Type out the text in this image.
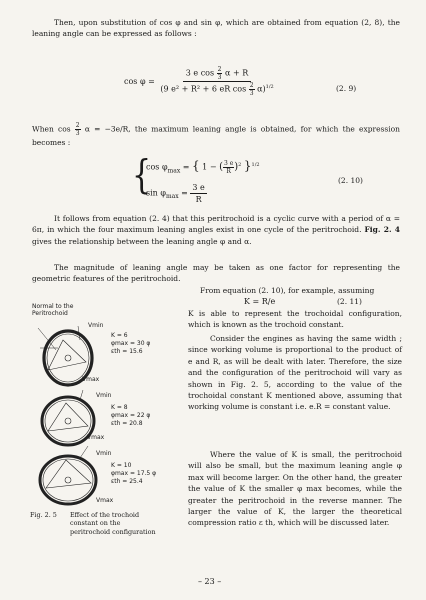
Then, upon substitution of cos φ and sin φ, which are obtained from equation (2, 8), the leaning angle can be expressed as follows :
$\cos \varphi = \frac{3 e \cos \frac{2}{3} \alpha + R}{(9 e^2 + R^2 + 6 eR \cos \frac{2}{3} \alpha)^{1/2}}$	(2. 9)
When $\cos \frac{2}{3}$ α = −3e/R, the maximum leaning angle is obtained, for which the expression becomes :
{
$\cos \varphi_{max}$ = { 1 − ( $\frac{3 e}{R} )^2$ }$^{1/2}$
$\sin \varphi_{max} = \frac{3 e}{R}$
(2. 10)
It follows from equation (2. 4) that this peritrochoid is a cyclic curve with a period of α = 6π, in which the four maximum leaning angles exist in one cycle of the peritrochoid. Fig. 2. 4 gives the relationship between the leaning angle φ and α.
The magnitude of leaning angle may be taken as one factor for representing the geometric features of the peritrochoid.
From equation (2. 10), for example, assuming
K = R/e	(2. 11)
K is able to represent the trochoidal configuration, which is known as the trochoid constant.
Consider the engines as having the same width ; since working volume is proportional to the product of e and R, as will be dealt with later. Therefore, the size and the configuration of the peritrochoid will vary as shown in Fig. 2. 5, according to the value of the trochoidal constant K mentioned above, assuming that working volume is constant i.e. e.R = constant value.
Where the value of K is small, the peritrochoid will also be small, but the maximum leaning angle φ max will become larger. On the other hand, the greater the value of K the smaller φ max becomes, while the greater the peritrochoid in the reverse manner. The larger the value of K, the larger the theoretical compression ratio ε th, which will be discussed later.
Normal to the Peritrochoid
Vmin
Vmax
K = 6
φmax = 30 φ
εth = 15.6
Vmin
Vmax
K = 8
φmax = 22 φ
εth = 20.8
Vmin
Vmax
K = 10
φmax = 17.5 φ
εth = 25.4
Fig. 2. 5 Effect of the trochoid constant on the peritrochoid configuration
– 23 –
